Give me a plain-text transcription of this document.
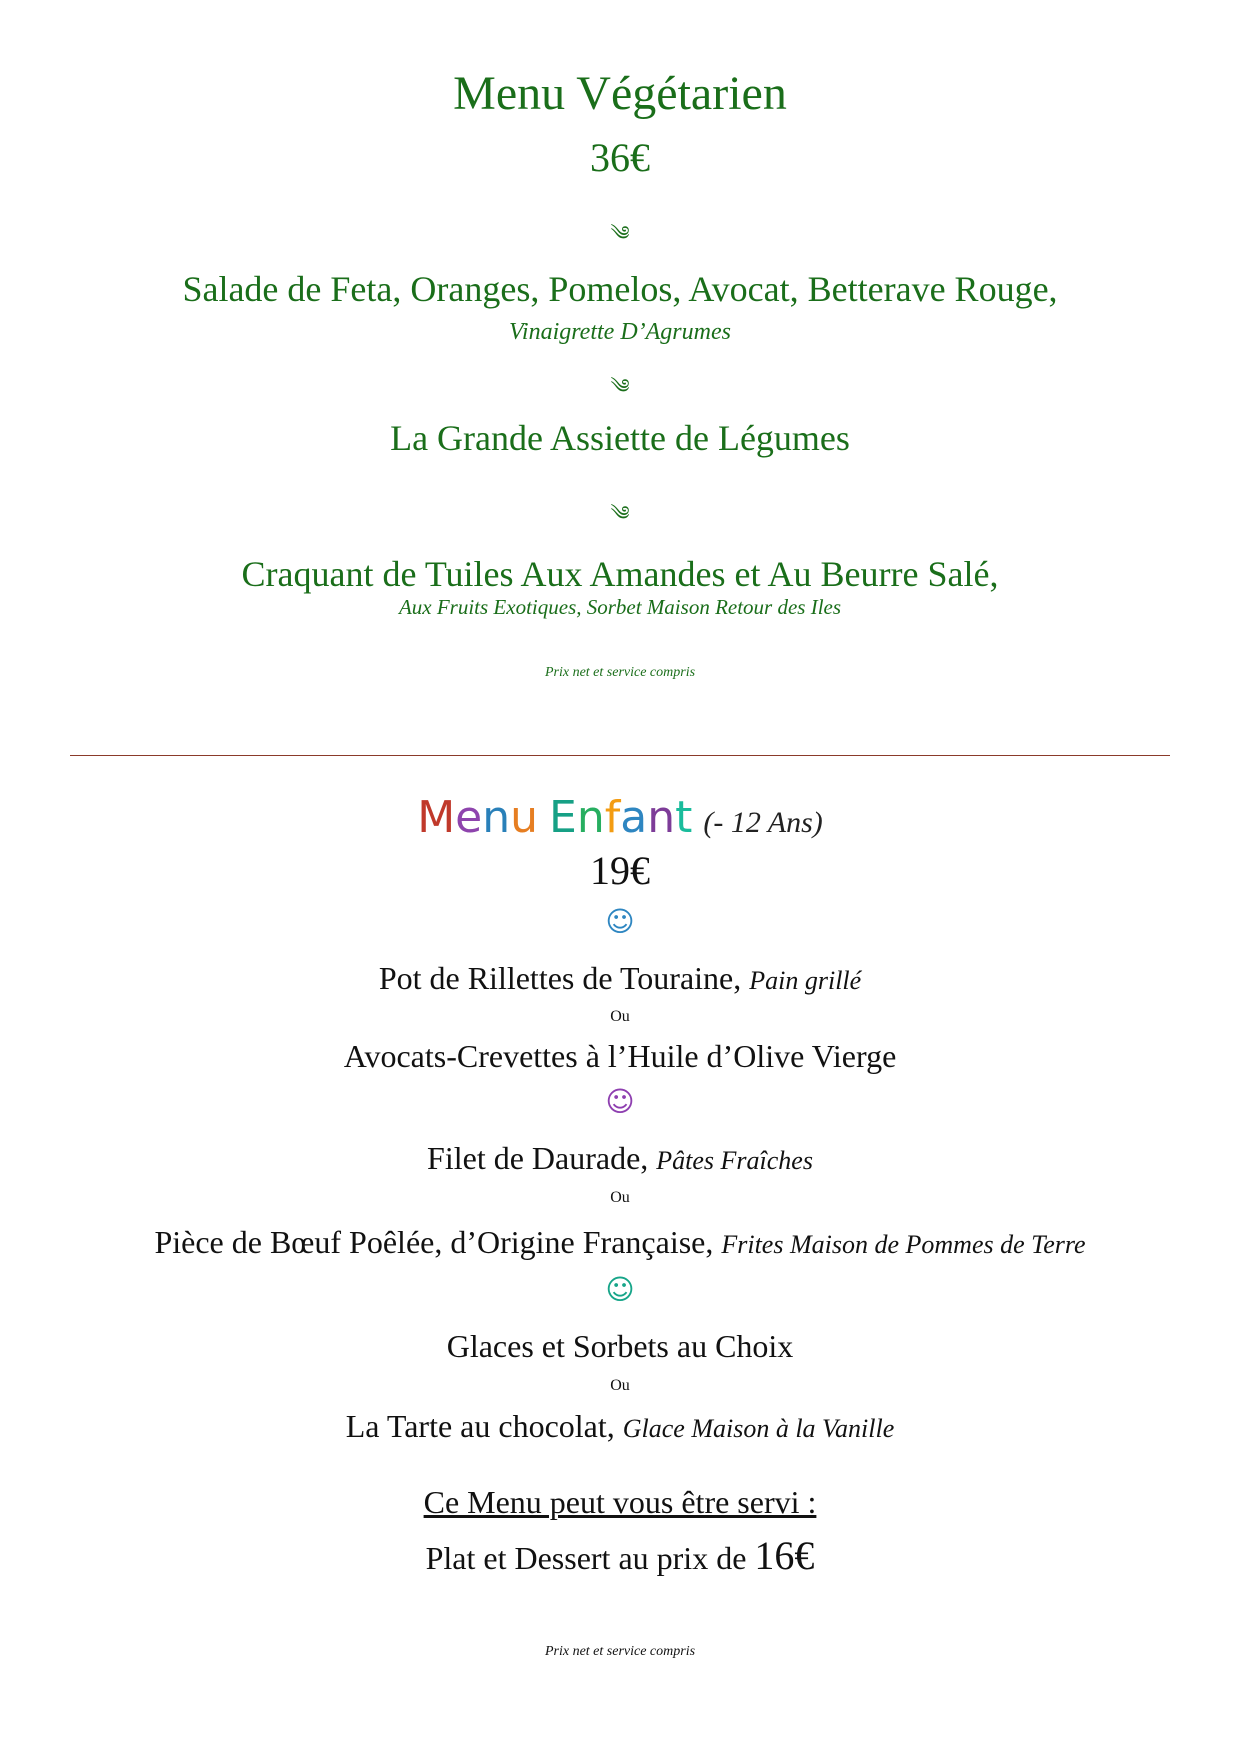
Menu Végétarien
36€
༄
Salade de Feta, Oranges, Pomelos, Avocat, Betterave Rouge,
Vinaigrette D’Agrumes
༄
La Grande Assiette de Légumes
༄
Craquant de Tuiles Aux Amandes et Au Beurre Salé,
Aux Fruits Exotiques, Sorbet Maison Retour des Iles
Prix net et service compris
Menu Enfant (- 12 Ans)
19€
☺
Pot de Rillettes de Touraine, Pain grillé
Ou
Avocats-Crevettes à l’Huile d’Olive Vierge
☺
Filet de Daurade, Pâtes Fraîches
Ou
Pièce de Bœuf Poêlée, d’Origine Française, Frites Maison de Pommes de Terre
☺
Glaces et Sorbets au Choix
Ou
La Tarte au chocolat, Glace Maison à la Vanille
Ce Menu peut vous être servi :
Plat et Dessert au prix de 16€
Prix net et service compris
